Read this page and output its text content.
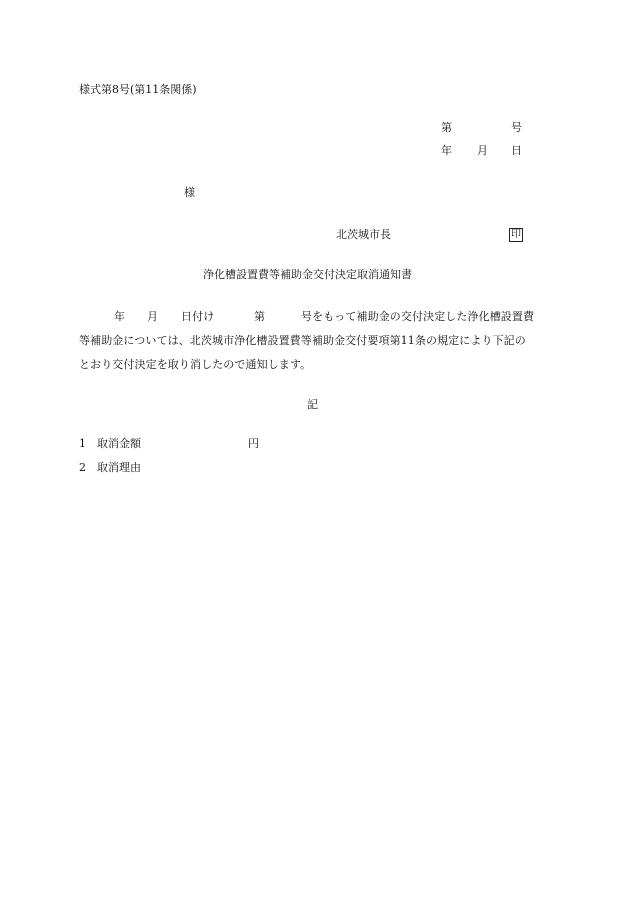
様式第8号(第11条関係)
第	号
年 月 日
様
北茨城市長	印
浄化槽設置費等補助金交付決定取消通知書
年 月 日付け	第	号をもって補助金の交付決定した浄化槽設置費
等補助金については、北茨城市浄化槽設置費等補助金交付要項第11条の規定により下記の
とおり交付決定を取り消したので通知します。
記
1 取消金額	円
2 取消理由
